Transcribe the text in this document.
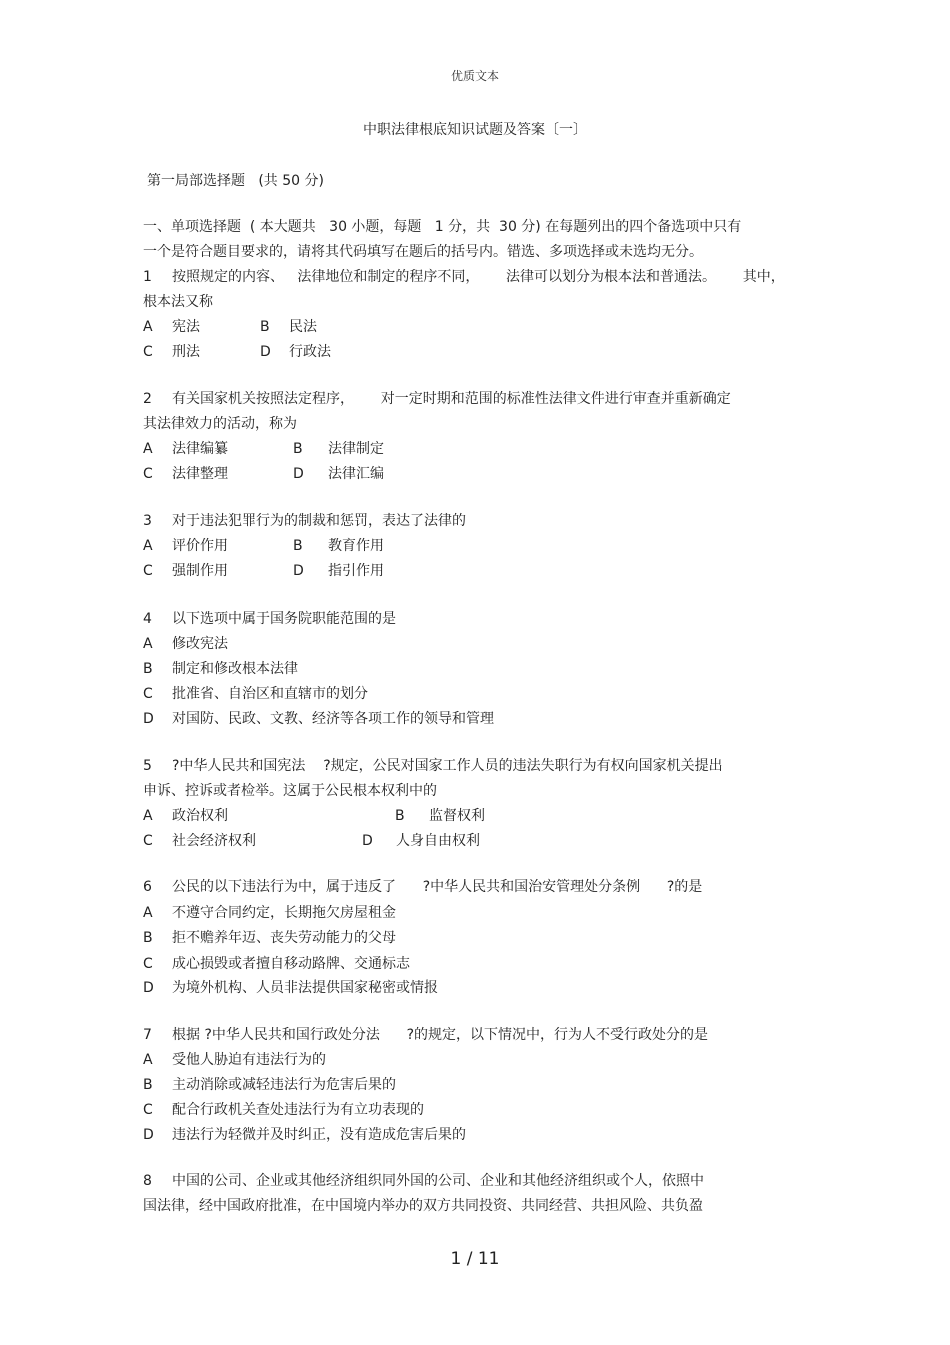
优质文本
中职法律根底知识试题及答案〔一〕
第一局部选择题   (共 50 分)
一、单项选择题  ( 本大题共   30 小题，每题   1 分，共  30 分) 在每题列出的四个备选项中只有
一个是符合题目要求的，请将其代码填写在题后的括号内。错选、多项选择或未选均无分。
1 按照规定的内容、   法律地位和制定的程序不同，      法律可以划分为根本法和普通法。      其中，
根本法又称
A 宪法	B 民法
C 刑法	D 行政法
2 有关国家机关按照法定程序，      对一定时期和范围的标准性法律文件进行审查并重新确定
其法律效力的活动，称为
A 法律编纂	B 法律制定
C 法律整理	D 法律汇编
3 对于违法犯罪行为的制裁和惩罚，表达了法律的
A 评价作用	B 教育作用
C 强制作用	D 指引作用
4 以下选项中属于国务院职能范围的是
A 修改宪法
B 制定和修改根本法律
C 批准省、自治区和直辖市的划分
D 对国防、民政、文教、经济等各项工作的领导和管理
5 ?中华人民共和国宪法    ?规定，公民对国家工作人员的违法失职行为有权向国家机关提出
申诉、控诉或者检举。这属于公民根本权利中的
A 政治权利	B 监督权利
C 社会经济权利	D 人身自由权利
6 公民的以下违法行为中，属于违反了      ?中华人民共和国治安管理处分条例      ?的是
A 不遵守合同约定，长期拖欠房屋租金
B 拒不赡养年迈、丧失劳动能力的父母
C 成心损毁或者擅自移动路牌、交通标志
D 为境外机构、人员非法提供国家秘密或情报
7 根据 ?中华人民共和国行政处分法      ?的规定，以下情况中，行为人不受行政处分的是
A 受他人胁迫有违法行为的
B 主动消除或减轻违法行为危害后果的
C 配合行政机关查处违法行为有立功表现的
D 违法行为轻微并及时纠正，没有造成危害后果的
8 中国的公司、企业或其他经济组织同外国的公司、企业和其他经济组织或个人，依照中
国法律，经中国政府批准，在中国境内举办的双方共同投资、共同经营、共担风险、共负盈
1 / 11
